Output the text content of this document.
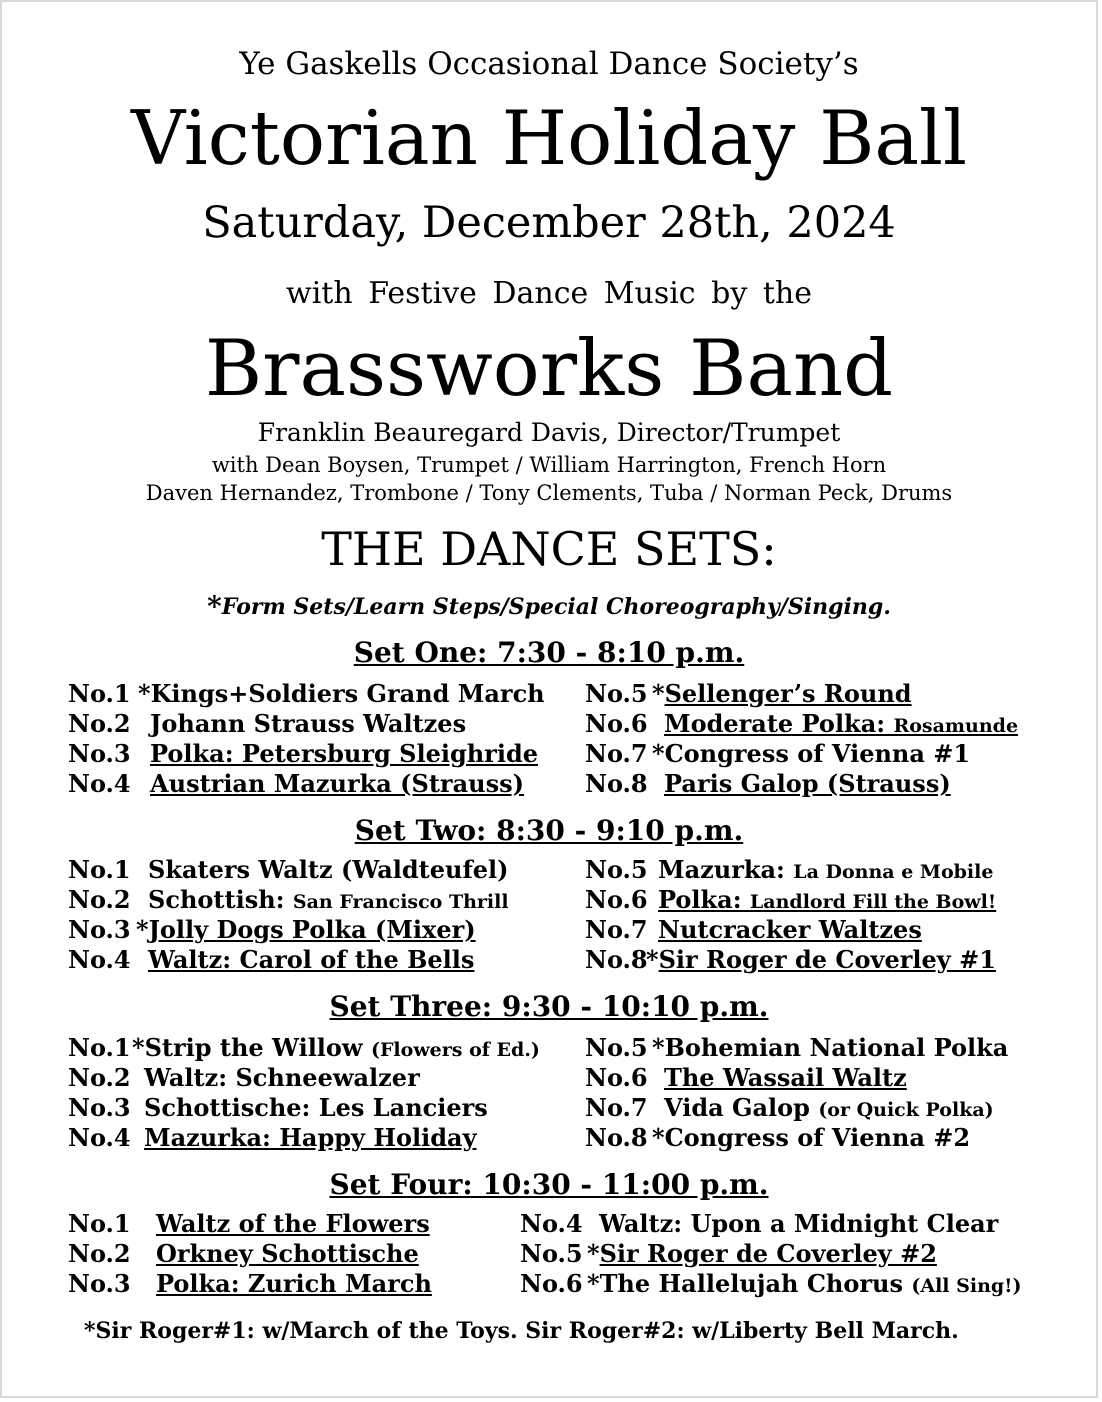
Ye Gaskells Occasional Dance Society’s
Victorian Holiday Ball
Saturday, December 28th, 2024
with Festive Dance Music by the
Brassworks Band
Franklin Beauregard Davis, Director/Trumpet
with Dean Boysen, Trumpet / William Harrington, French Horn
Daven Hernandez, Trombone / Tony Clements, Tuba / Norman Peck, Drums
THE DANCE SETS:
*Form Sets/Learn Steps/Special Choreography/Singing.
Set One: 7:30 - 8:10 p.m.
No.1 *Kings+Soldiers Grand March
No.2 Johann Strauss Waltzes
No.3 Polka: Petersburg Sleighride
No.4 Austrian Mazurka (Strauss)
No.5 *Sellenger’s Round
No.6 Moderate Polka: Rosamunde
No.7 *Congress of Vienna #1
No.8 Paris Galop (Strauss)
Set Two: 8:30 - 9:10 p.m.
No.1 Skaters Waltz (Waldteufel)
No.2 Schottish: San Francisco Thrill
No.3 *Jolly Dogs Polka (Mixer)
No.4 Waltz: Carol of the Bells
No.5 Mazurka: La Donna e Mobile
No.6 Polka: Landlord Fill the Bowl!
No.7 Nutcracker Waltzes
No.8
*Sir Roger de Coverley #1
Set Three: 9:30 - 10:10 p.m.
No.1 *Strip the Willow (Flowers of Ed.)
No.2 Waltz: Schneewalzer
No.3 Schottische: Les Lanciers
No.4 Mazurka: Happy Holiday
No.5 *Bohemian National Polka
No.6 The Wassail Waltz
No.7 Vida Galop (or Quick Polka)
No.8 *Congress of Vienna #2
Set Four: 10:30 - 11:00 p.m.
No.1 Waltz of the Flowers
No.2 Orkney Schottische
No.3 Polka: Zurich March
No.4 Waltz: Upon a Midnight Clear
No.5 *Sir Roger de Coverley #2
No.6 *The Hallelujah Chorus (All Sing!)
*Sir Roger#1: w/March of the Toys. Sir Roger#2: w/Liberty Bell March.
